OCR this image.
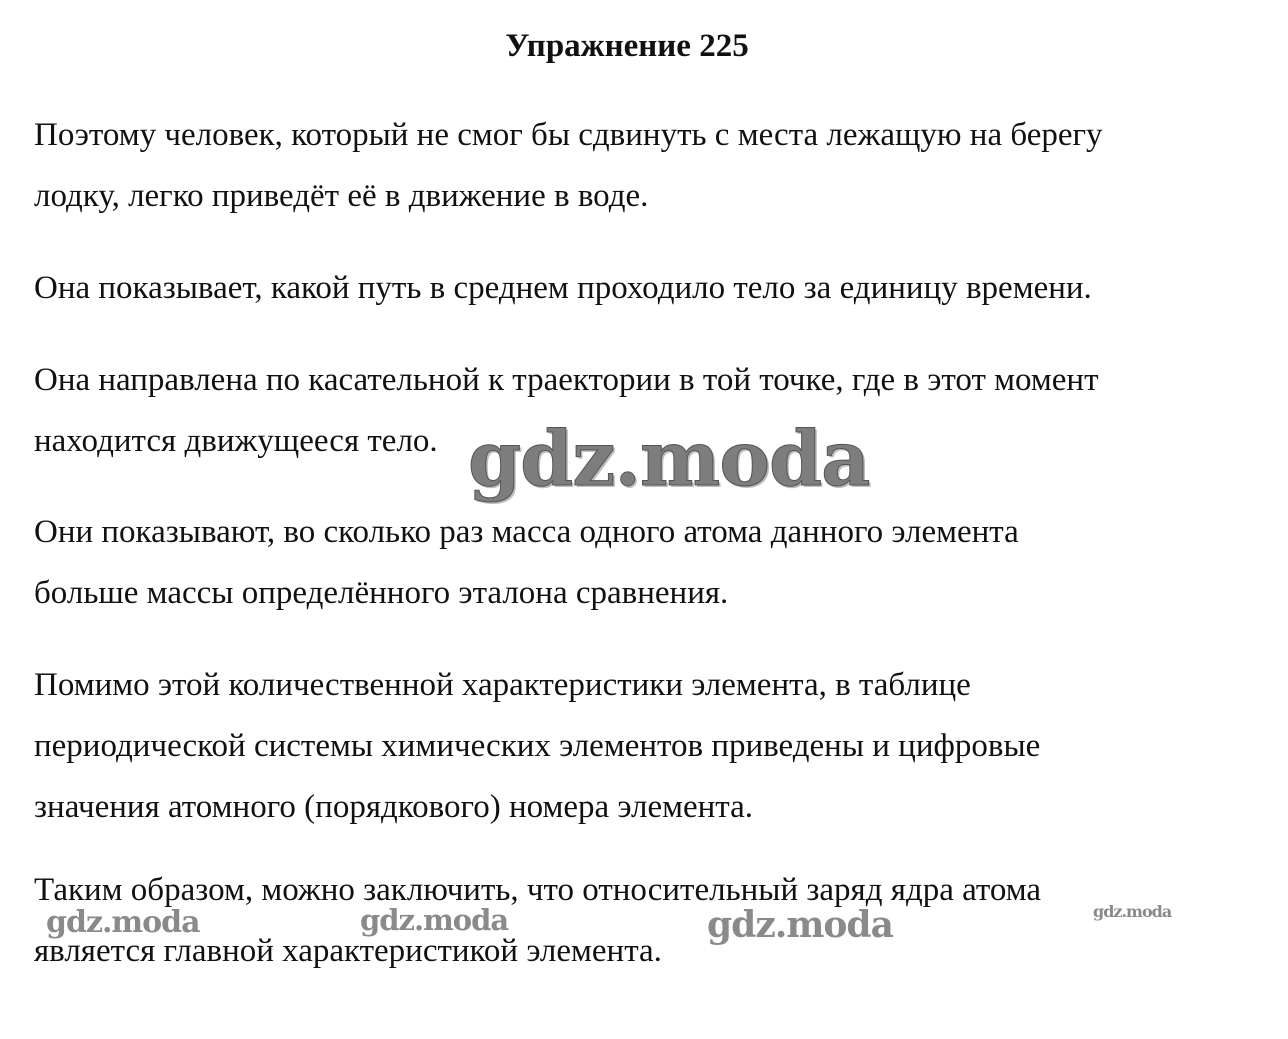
Упражнение 225

Поэтому человек, который не смог бы сдвинуть с места лежащую на берегу
лодку, легко приведёт её в движение в воде.

Она показывает, какой путь в среднем проходило тело за единицу времени.

Она направлена по касательной к траектории в той точке, где в этот момент
находится движущееся тело.

Они показывают, во сколько раз масса одного атома данного элемента
больше массы определённого эталона сравнения.

Помимо этой количественной характеристики элемента, в таблице
периодической системы химических элементов приведены и цифровые
значения атомного (порядкового) номера элемента.

Таким образом, можно заключить, что относительный заряд ядра атома
является главной характеристикой элемента.

gdz.moda
gdz.moda	gdz.moda	gdz.moda	gdz.moda
